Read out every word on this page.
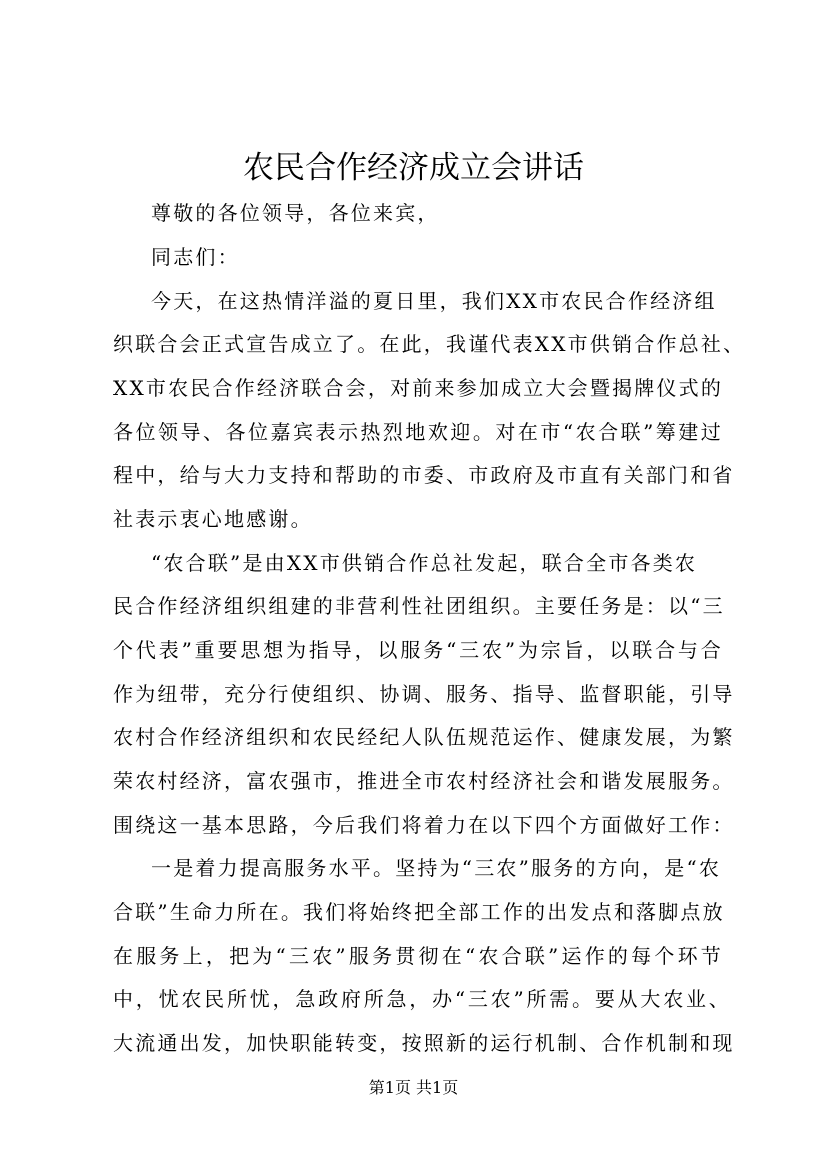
农民合作经济成立会讲话
尊敬的各位领导，各位来宾，
同志们：
今天，在这热情洋溢的夏日里，我们XX市农民合作经济组
织联合会正式宣告成立了。在此，我谨代表XX市供销合作总社、
XX市农民合作经济联合会，对前来参加成立大会暨揭牌仪式的
各位领导、各位嘉宾表示热烈地欢迎。对在市“农合联”筹建过
程中，给与大力支持和帮助的市委、市政府及市直有关部门和省
社表示衷心地感谢。
“农合联”是由XX市供销合作总社发起，联合全市各类农
民合作经济组织组建的非营利性社团组织。主要任务是：以“三
个代表”重要思想为指导，以服务“三农”为宗旨，以联合与合
作为纽带，充分行使组织、协调、服务、指导、监督职能，引导
农村合作经济组织和农民经纪人队伍规范运作、健康发展，为繁
荣农村经济，富农强市，推进全市农村经济社会和谐发展服务。
围绕这一基本思路，今后我们将着力在以下四个方面做好工作：
一是着力提高服务水平。坚持为“三农”服务的方向，是“农
合联”生命力所在。我们将始终把全部工作的出发点和落脚点放
在服务上，把为“三农”服务贯彻在“农合联”运作的每个环节
中，忧农民所忧，急政府所急，办“三农”所需。要从大农业、
大流通出发，加快职能转变，按照新的运行机制、合作机制和现
第1页 共1页
